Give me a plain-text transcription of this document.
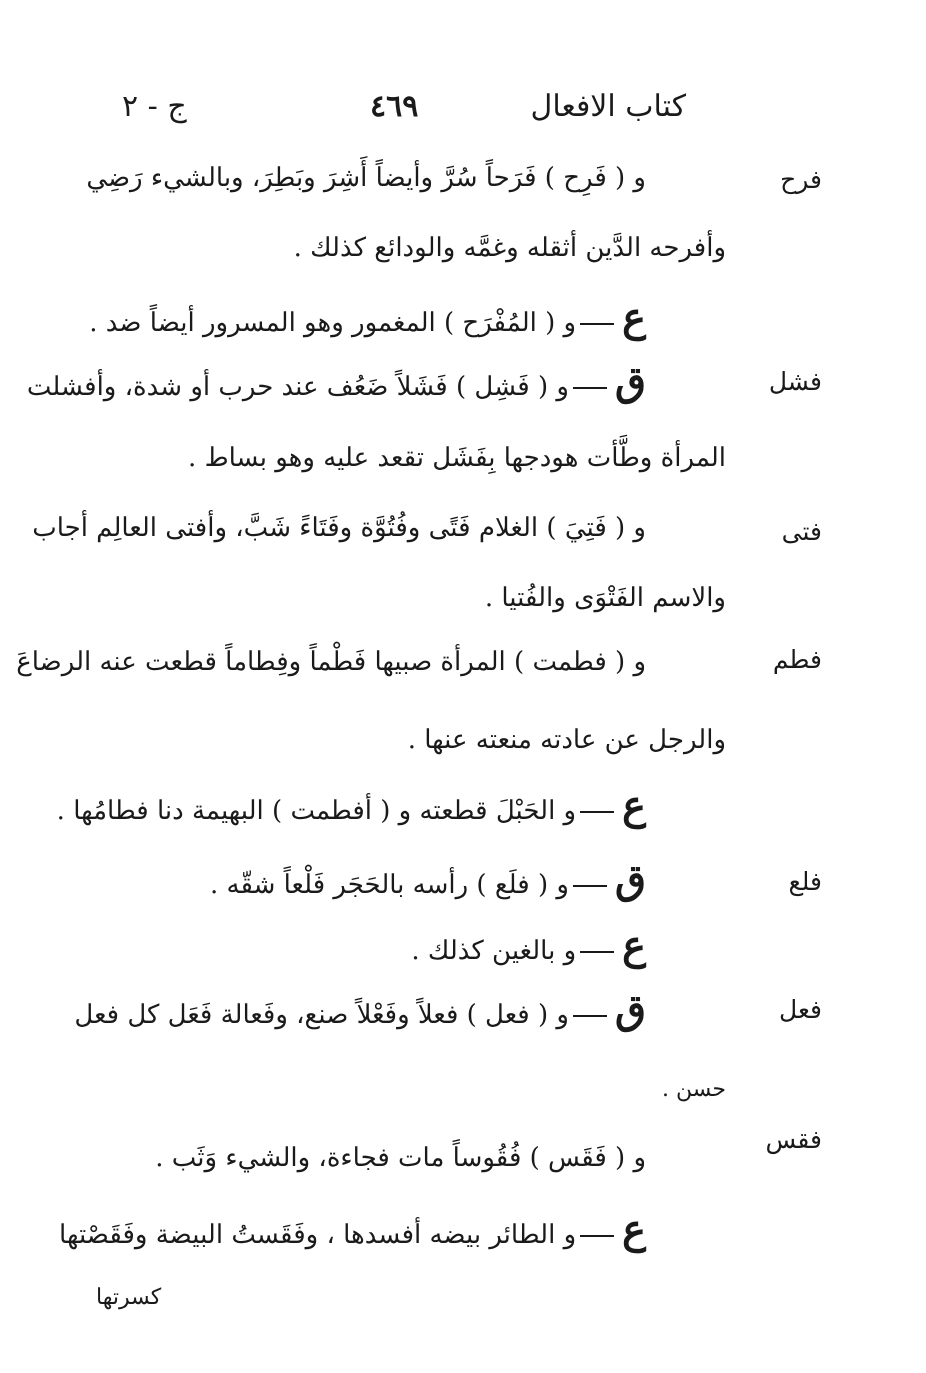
كتاب الافعال
٤٦٩
ج - ٢
فرح
و ( فَرِح ) فَرَحاً سُرَّ وأيضاً أَشِرَ وبَطِرَ، وبالشيء رَضِي
وأفرحه الدَّين أثقله وغمَّه والودائع كذلك .
عو ( المُفْرَح ) المغمور وهو المسرور أيضاً ضد .
فشل
قو ( فَشِل ) فَشَلاً ضَعُف عند حرب أو شدة، وأفشلت
المرأة وطَّأت هودجها بِفَشَل تقعد عليه وهو بساط .
فتى
و ( فَتِيَ ) الغلام فَتًى وفُتُوَّة وفَتَاءً شَبَّ، وأفتى العالِم أجاب
والاسم الفَتْوَى والفُتيا .
فطم
و ( فطمت ) المرأة صبيها فَطْماً وفِطاماً قطعت عنه الرضاعَ
والرجل عن عادته منعته عنها .
عو الحَبْلَ قطعته و ( أفطمت ) البهيمة دنا فطامُها .
فلع
قو ( فلَع ) رأسه بالحَجَر فَلْعاً شقّه .
عو بالغين كذلك .
فعل
قو ( فعل ) فعلاً وفَعْلاً صنع، وفَعالة فَعَل كل فعل
حسن .
فقس
و ( فَقَس ) فُقُوساً مات فجاءة، والشيء وَثَب .
عو الطائر بيضه أفسدها ، وفَقَستُ البيضة وفَقَصْتها
كسرتها
